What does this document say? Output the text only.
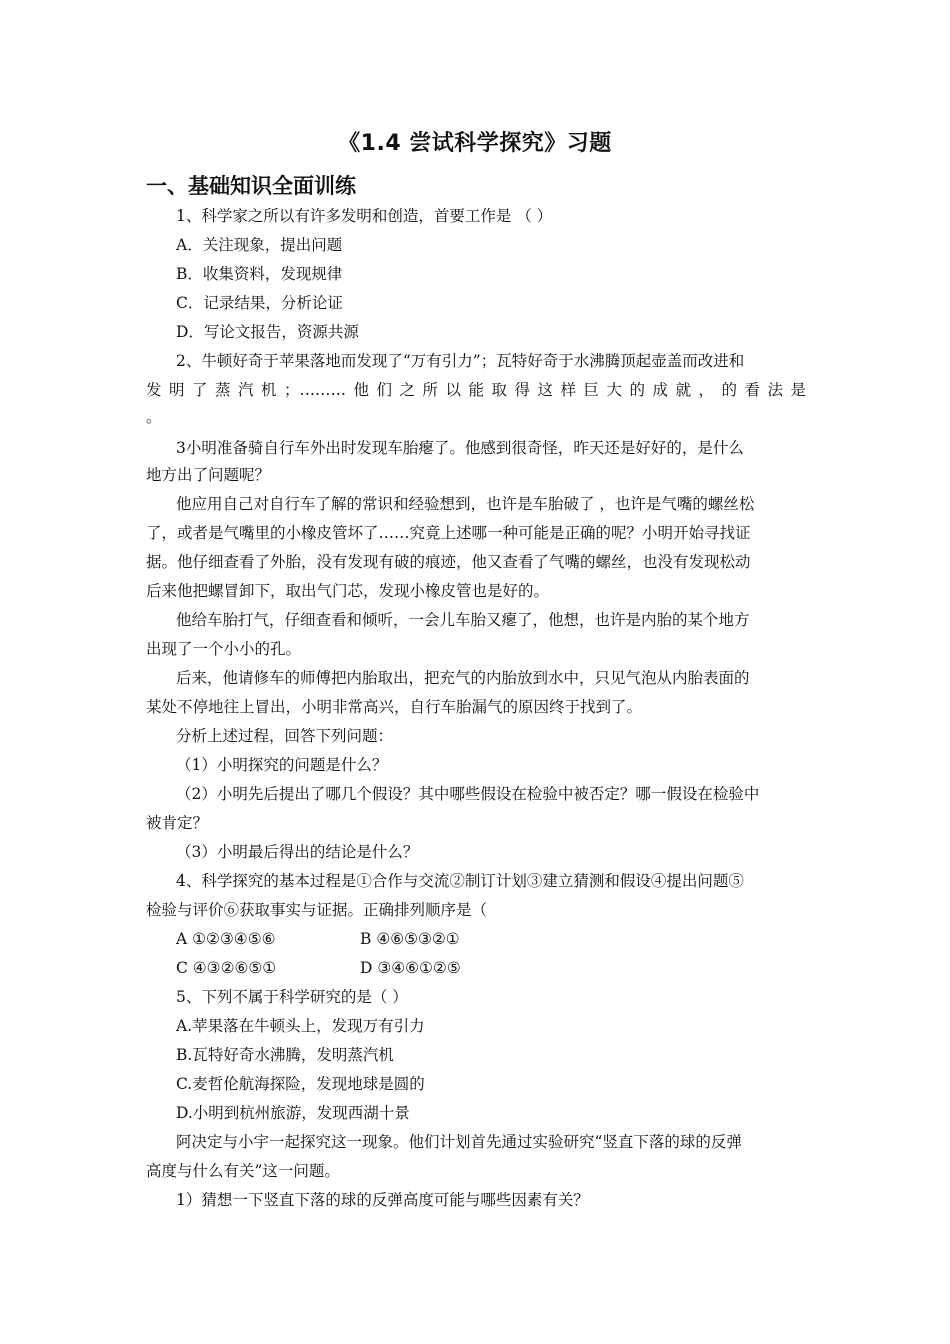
《1.4 尝试科学探究》习题
一、基础知识全面训练
1、科学家之所以有许多发明和创造，首要工作是 （ ）
A．关注现象，提出问题
B．收集资料，发现规律
C．记录结果，分析论证
D．写论文报告，资源共源
2、牛顿好奇于苹果落地而发现了“万有引力”；瓦特好奇于水沸腾顶起壶盖而改进和
发明了蒸汽机；………他们之所以能取得这样巨大的成就，的看法是
。
3小明准备骑自行车外出时发现车胎瘪了。他感到很奇怪，昨天还是好好的，是什么
地方出了问题呢？
他应用自己对自行车了解的常识和经验想到，也许是车胎破了 ，也许是气嘴的螺丝松
了，或者是气嘴里的小橡皮管坏了……究竟上述哪一种可能是正确的呢？小明开始寻找证
据。他仔细查看了外胎，没有发现有破的痕迹，他又查看了气嘴的螺丝，也没有发现松动
后来他把螺冒卸下，取出气门芯，发现小橡皮管也是好的。
他给车胎打气，仔细查看和倾听，一会儿车胎又瘪了，他想，也许是内胎的某个地方
出现了一个小小的孔。
后来，他请修车的师傅把内胎取出，把充气的内胎放到水中，只见气泡从内胎表面的
某处不停地往上冒出，小明非常高兴，自行车胎漏气的原因终于找到了。
分析上述过程，回答下列问题：
（1）小明探究的问题是什么？
（2）小明先后提出了哪几个假设？其中哪些假设在检验中被否定？哪一假设在检验中
被肯定？
（3）小明最后得出的结论是什么？
4、科学探究的基本过程是①合作与交流②制订计划③建立猜测和假设④提出问题⑤
检验与评价⑥获取事实与证据。正确排列顺序是（
A ①②③④⑤⑥	B ④⑥⑤③②①
C ④③②⑥⑤①	D ③④⑥①②⑤
5、下列不属于科学研究的是（ ）
A.苹果落在牛顿头上，发现万有引力
B.瓦特好奇水沸腾，发明蒸汽机
C.麦哲伦航海探险，发现地球是圆的
D.小明到杭州旅游，发现西湖十景
阿决定与小宇一起探究这一现象。他们计划首先通过实验研究“竖直下落的球的反弹
高度与什么有关”这一问题。
1）猜想一下竖直下落的球的反弹高度可能与哪些因素有关？
